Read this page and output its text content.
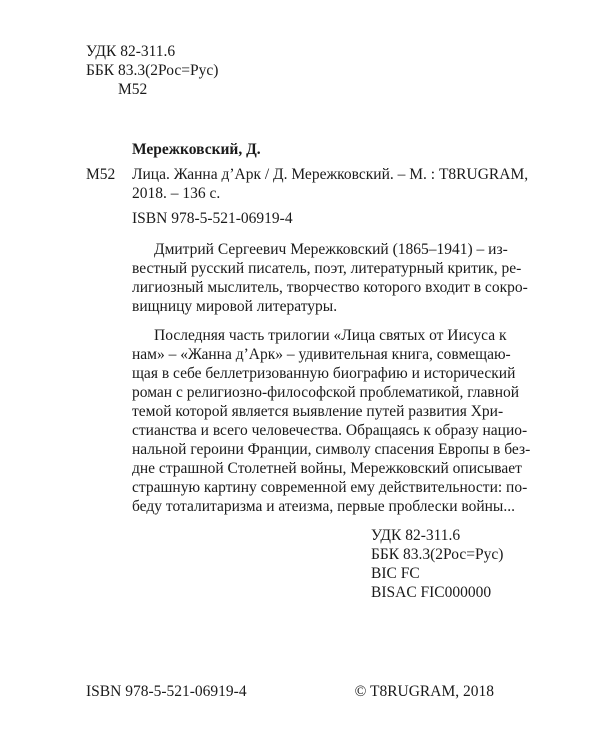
УДК 82-311.6
ББК 83.3(2Рос=Рус)
М52
Мережковский, Д.
М52 Лица. Жанна д’Арк / Д. Мережковский. – М. : T8RUGRAM,
2018. – 136 с.
ISBN 978-5-521-06919-4
Дмитрий Сергеевич Мережковский (1865–1941) – из-
вестный русский писатель, поэт, литературный критик, ре-
лигиозный мыслитель, творчество которого входит в сокро-
вищницу мировой литературы.
Последняя часть трилогии «Лица святых от Иисуса к
нам» – «Жанна д’Арк» – удивительная книга, совмещаю-
щая в себе беллетризованную биографию и исторический
роман с религиозно-философской проблематикой, главной
темой которой является выявление путей развития Хри-
стианства и всего человечества. Обращаясь к образу нацио-
нальной героини Франции, символу спасения Европы в без-
дне страшной Столетней войны, Мережковский описывает
страшную картину современной ему действительности: по-
беду тоталитаризма и атеизма, первые проблески войны...
УДК 82-311.6
ББК 83.3(2Рос=Рус)
BIC FC
BISAC FIC000000
ISBN 978-5-521-06919-4	© T8RUGRAM, 2018
